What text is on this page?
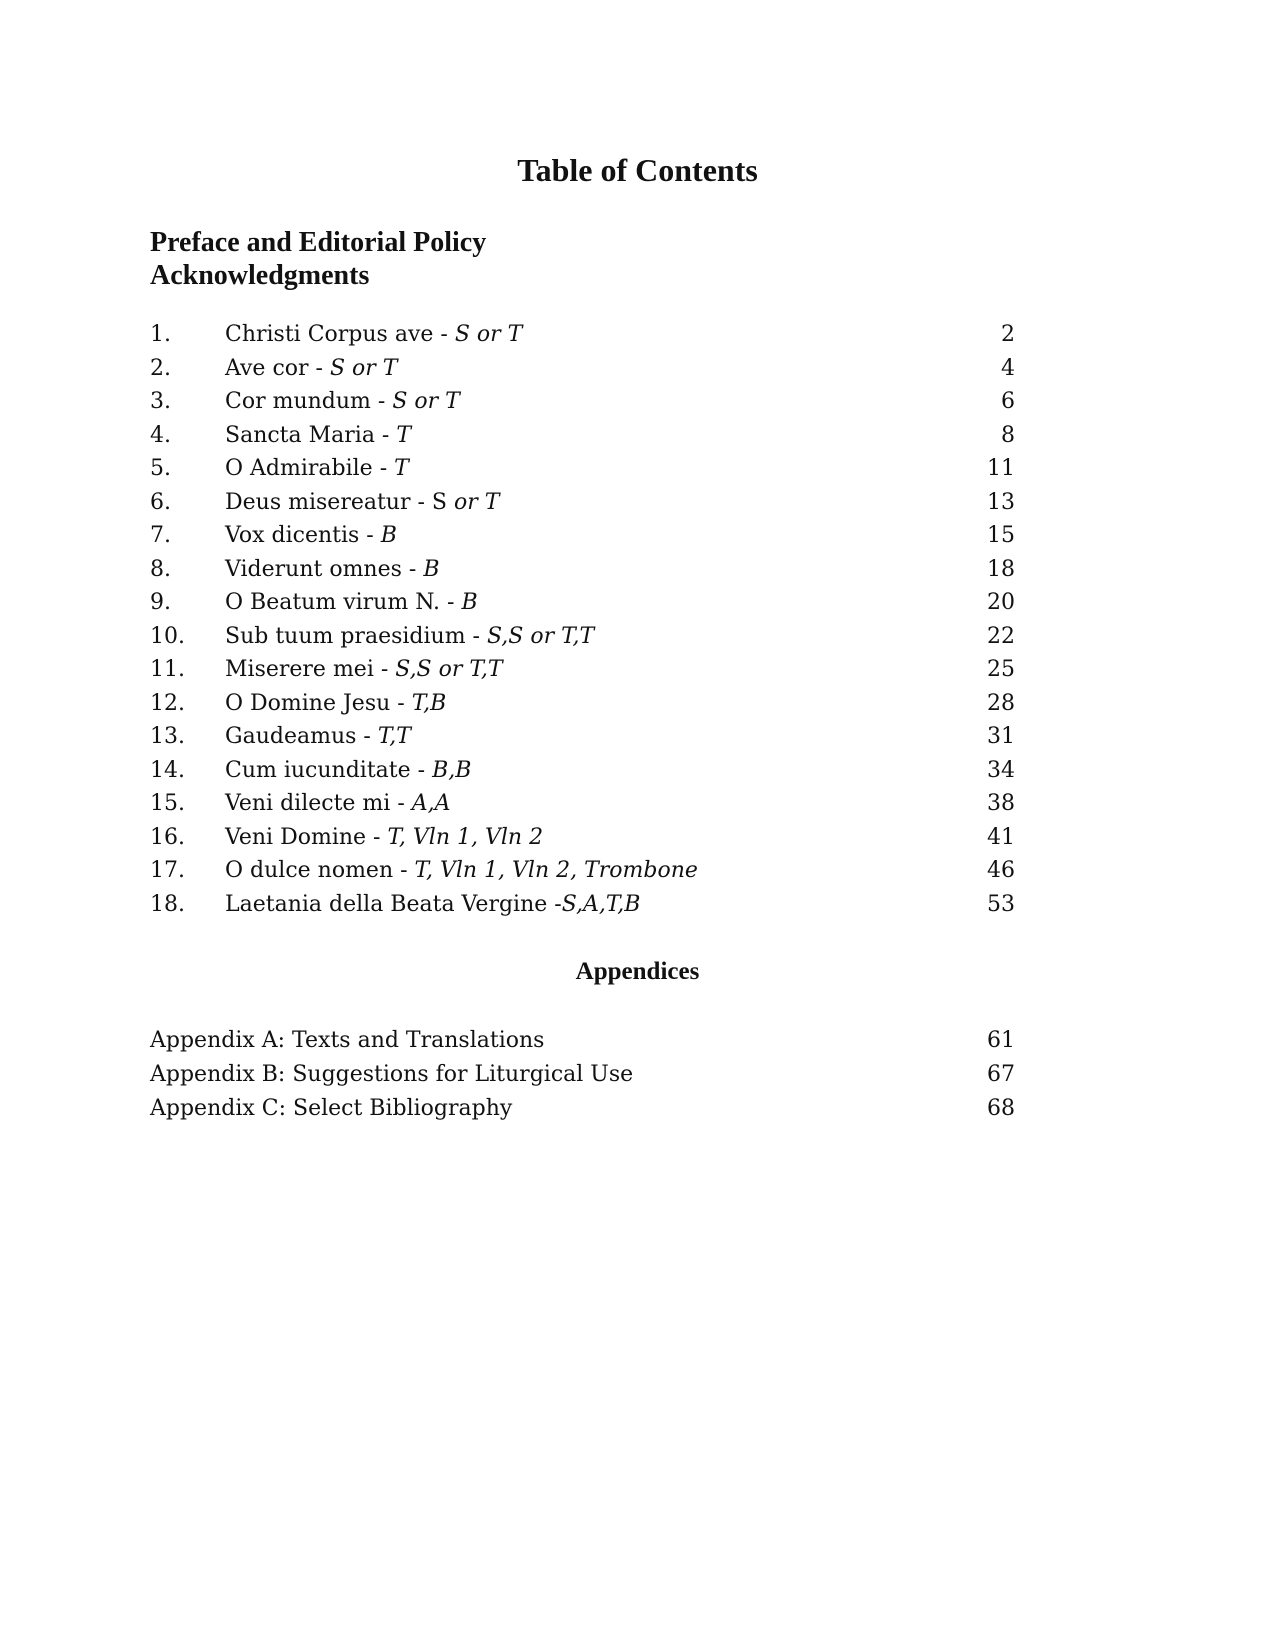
Table of Contents
Preface and Editorial Policy
Acknowledgments
1. Christi Corpus ave - S or T	2
2. Ave cor - S or T	4
3. Cor mundum - S or T	6
4. Sancta Maria - T	8
5. O Admirabile - T	11
6. Deus misereatur - S or T	13
7. Vox dicentis - B	15
8. Viderunt omnes - B	18
9. O Beatum virum N. - B	20
10. Sub tuum praesidium - S,S or T,T	22
11. Miserere mei - S,S or T,T	25
12. O Domine Jesu - T,B	28
13. Gaudeamus - T,T	31
14. Cum iucunditate - B,B	34
15. Veni dilecte mi - A,A	38
16. Veni Domine - T, Vln 1, Vln 2	41
17. O dulce nomen - T, Vln 1, Vln 2, Trombone	46
18. Laetania della Beata Vergine -S,A,T,B	53
Appendices
Appendix A: Texts and Translations	61
Appendix B: Suggestions for Liturgical Use	67
Appendix C: Select Bibliography	68
